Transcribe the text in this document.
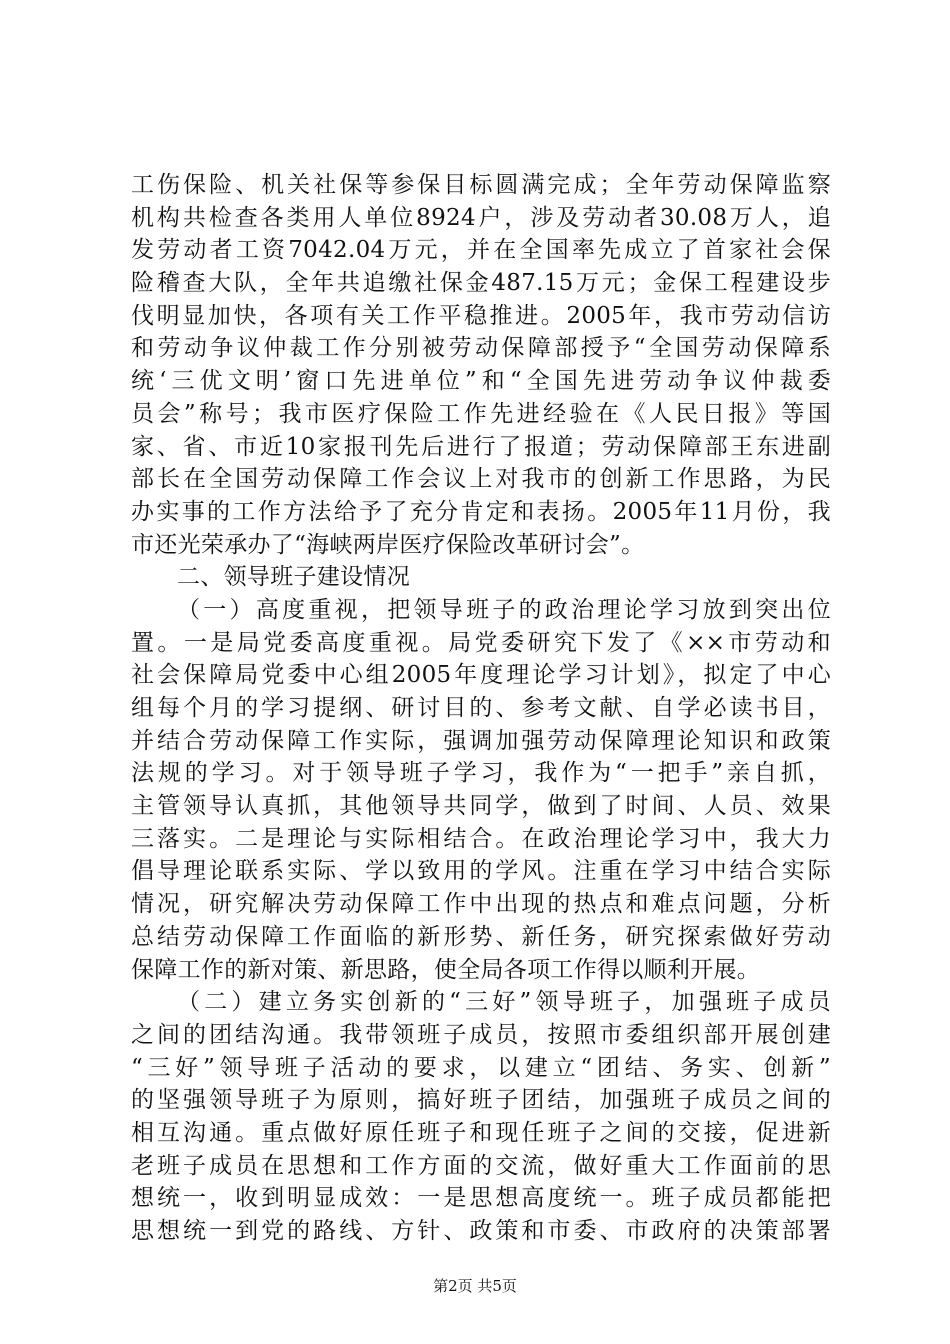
工伤保险、机关社保等参保目标圆满完成；全年劳动保障监察
机构共检查各类用人单位8924户，涉及劳动者30.08万人，追
发劳动者工资7042.04万元，并在全国率先成立了首家社会保
险稽查大队，全年共追缴社保金487.15万元；金保工程建设步
伐明显加快，各项有关工作平稳推进。2005年，我市劳动信访
和劳动争议仲裁工作分别被劳动保障部授予“全国劳动保障系
统‘三优文明’窗口先进单位”和“全国先进劳动争议仲裁委
员会”称号；我市医疗保险工作先进经验在《人民日报》等国
家、省、市近10家报刊先后进行了报道；劳动保障部王东进副
部长在全国劳动保障工作会议上对我市的创新工作思路，为民
办实事的工作方法给予了充分肯定和表扬。2005年11月份，我
市还光荣承办了“海峡两岸医疗保险改革研讨会”。
二、领导班子建设情况
（一）高度重视，把领导班子的政治理论学习放到突出位
置。一是局党委高度重视。局党委研究下发了《××市劳动和
社会保障局党委中心组2005年度理论学习计划》，拟定了中心
组每个月的学习提纲、研讨目的、参考文献、自学必读书目，
并结合劳动保障工作实际，强调加强劳动保障理论知识和政策
法规的学习。对于领导班子学习，我作为“一把手”亲自抓，
主管领导认真抓，其他领导共同学，做到了时间、人员、效果
三落实。二是理论与实际相结合。在政治理论学习中，我大力
倡导理论联系实际、学以致用的学风。注重在学习中结合实际
情况，研究解决劳动保障工作中出现的热点和难点问题，分析
总结劳动保障工作面临的新形势、新任务，研究探索做好劳动
保障工作的新对策、新思路，使全局各项工作得以顺利开展。
（二）建立务实创新的“三好”领导班子，加强班子成员
之间的团结沟通。我带领班子成员，按照市委组织部开展创建
“三好”领导班子活动的要求，以建立“团结、务实、创新”
的坚强领导班子为原则，搞好班子团结，加强班子成员之间的
相互沟通。重点做好原任班子和现任班子之间的交接，促进新
老班子成员在思想和工作方面的交流，做好重大工作面前的思
想统一，收到明显成效：一是思想高度统一。班子成员都能把
思想统一到党的路线、方针、政策和市委、市政府的决策部署
第2页 共5页
